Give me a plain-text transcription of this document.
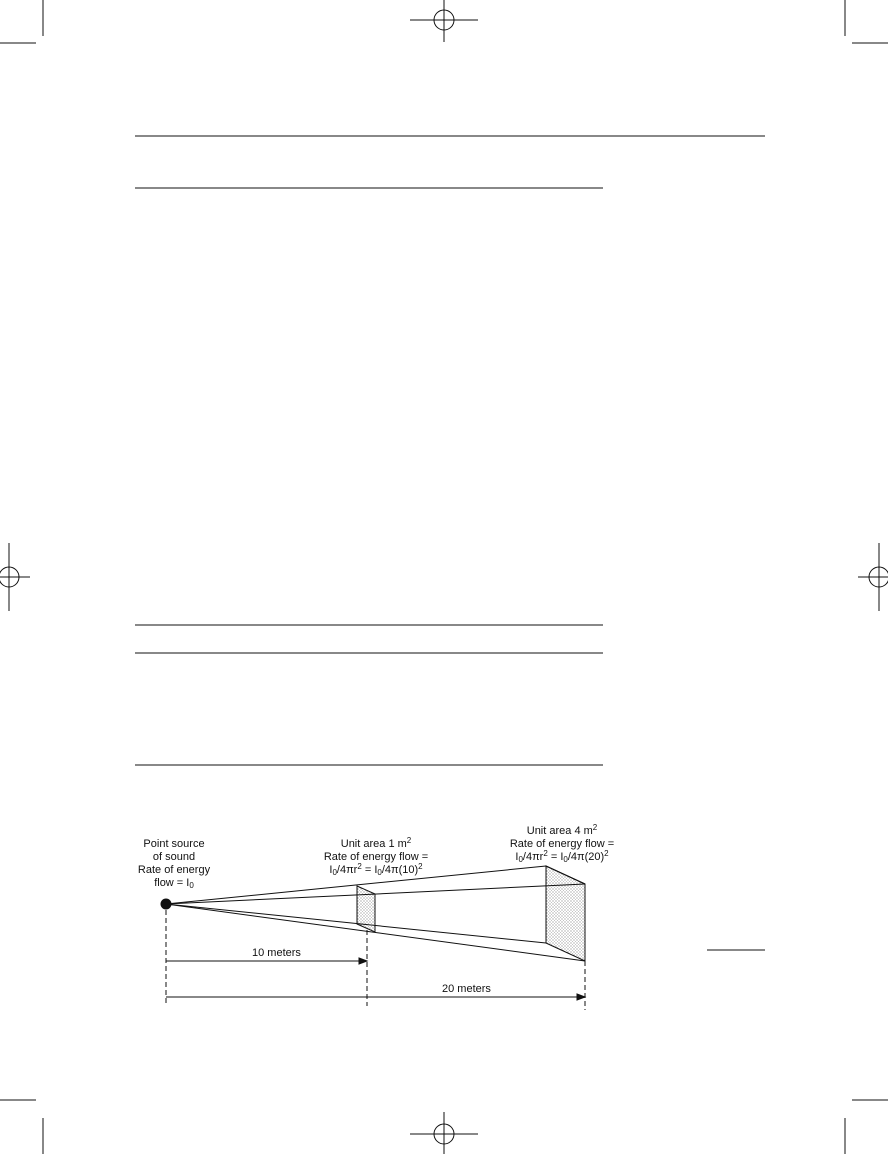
Point source
of sound
Rate of energy
flow = $I_0$
Unit area 1 $m^2$
Rate of energy flow =
$I_0/4\pi r^2 = I_0/4\pi(10)^2$
Unit area 4 $m^2$
Rate of energy flow =
$I_0/4\pi r^2 = I_0/4\pi(20)^2$
10 meters
20 meters
